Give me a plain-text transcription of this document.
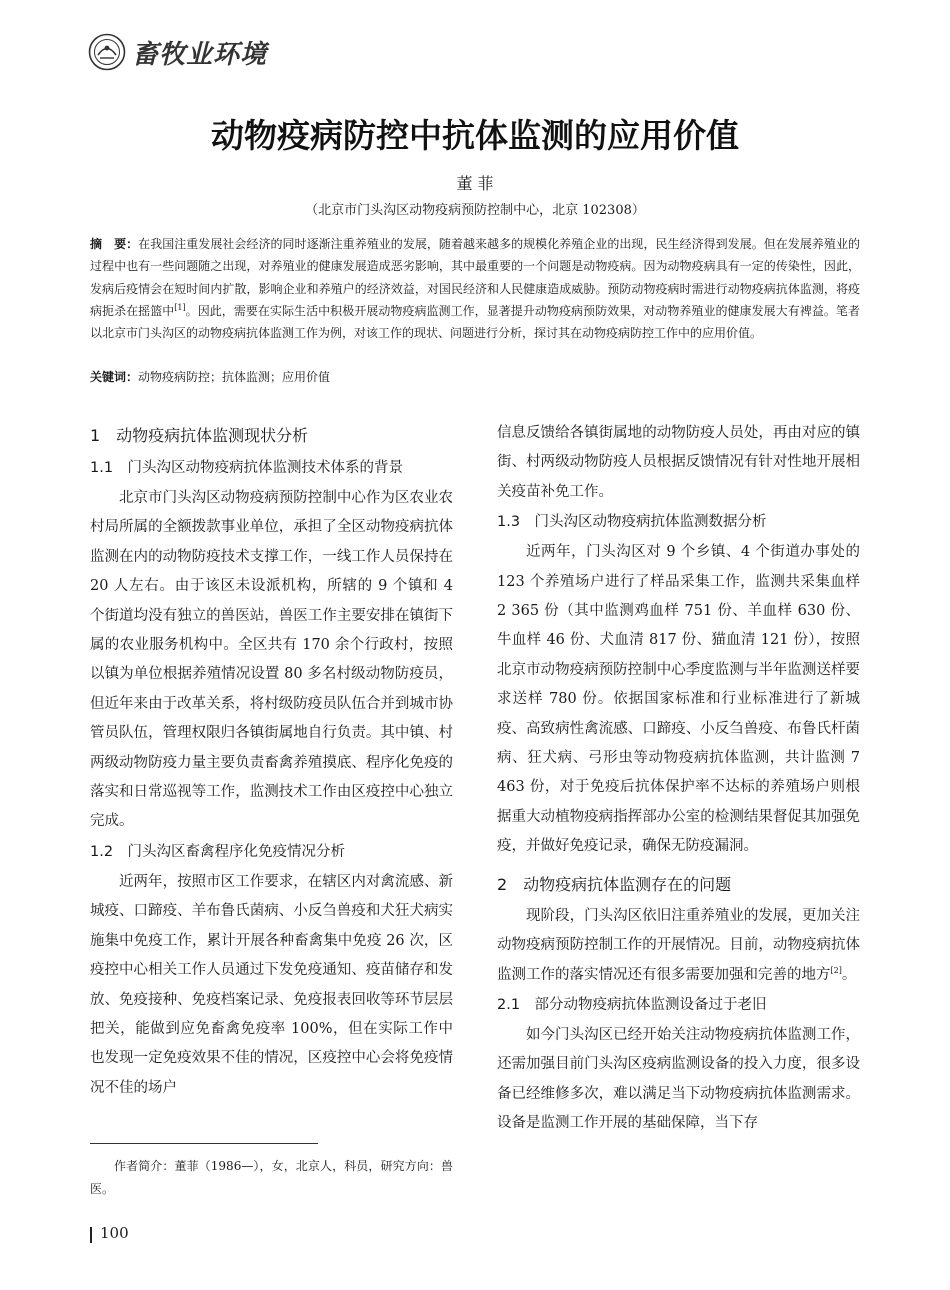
畜牧业环境
动物疫病防控中抗体监测的应用价值
董 菲
（北京市门头沟区动物疫病预防控制中心，北京 102308）
摘　要：在我国注重发展社会经济的同时逐渐注重养殖业的发展，随着越来越多的规模化养殖企业的出现，民生经济得到发展。但在发展养殖业的过程中也有一些问题随之出现，对养殖业的健康发展造成恶劣影响，其中最重要的一个问题是动物疫病。因为动物疫病具有一定的传染性，因此，发病后疫情会在短时间内扩散，影响企业和养殖户的经济效益，对国民经济和人民健康造成威胁。预防动物疫病时需进行动物疫病抗体监测，将疫病扼杀在摇篮中[1]。因此，需要在实际生活中积极开展动物疫病监测工作，显著提升动物疫病预防效果，对动物养殖业的健康发展大有裨益。笔者以北京市门头沟区的动物疫病抗体监测工作为例，对该工作的现状、问题进行分析，探讨其在动物疫病防控工作中的应用价值。
关键词：动物疫病防控；抗体监测；应用价值
1　动物疫病抗体监测现状分析
1.1　门头沟区动物疫病抗体监测技术体系的背景

北京市门头沟区动物疫病预防控制中心作为区农业农村局所属的全额拨款事业单位，承担了全区动物疫病抗体监测在内的动物防疫技术支撑工作，一线工作人员保持在 20 人左右。由于该区未设派机构，所辖的 9 个镇和 4 个街道均没有独立的兽医站，兽医工作主要安排在镇街下属的农业服务机构中。全区共有 170 余个行政村，按照以镇为单位根据养殖情况设置 80 多名村级动物防疫员，但近年来由于改革关系，将村级防疫员队伍合并到城市协管员队伍，管理权限归各镇街属地自行负责。其中镇、村两级动物防疫力量主要负责畜禽养殖摸底、程序化免疫的落实和日常巡视等工作，监测技术工作由区疫控中心独立完成。

1.2　门头沟区畜禽程序化免疫情况分析

近两年，按照市区工作要求，在辖区内对禽流感、新城疫、口蹄疫、羊布鲁氏菌病、小反刍兽疫和犬狂犬病实施集中免疫工作，累计开展各种畜禽集中免疫 26 次，区疫控中心相关工作人员通过下发免疫通知、疫苗储存和发放、免疫接种、免疫档案记录、免疫报表回收等环节层层把关，能做到应免畜禽免疫率 100%，但在实际工作中也发现一定免疫效果不佳的情况，区疫控中心会将免疫情况不佳的场户

信息反馈给各镇街属地的动物防疫人员处，再由对应的镇街、村两级动物防疫人员根据反馈情况有针对性地开展相关疫苗补免工作。

1.3　门头沟区动物疫病抗体监测数据分析

近两年，门头沟区对 9 个乡镇、4 个街道办事处的 123 个养殖场户进行了样品采集工作，监测共采集血样 2 365 份（其中监测鸡血样 751 份、羊血样 630 份、牛血样 46 份、犬血清 817 份、猫血清 121 份），按照北京市动物疫病预防控制中心季度监测与半年监测送样要求送样 780 份。依据国家标准和行业标准进行了新城疫、高致病性禽流感、口蹄疫、小反刍兽疫、布鲁氏杆菌病、狂犬病、弓形虫等动物疫病抗体监测，共计监测 7 463 份，对于免疫后抗体保护率不达标的养殖场户则根据重大动植物疫病指挥部办公室的检测结果督促其加强免疫，并做好免疫记录，确保无防疫漏洞。

2　动物疫病抗体监测存在的问题

现阶段，门头沟区依旧注重养殖业的发展，更加关注动物疫病预防控制工作的开展情况。目前，动物疫病抗体监测工作的落实情况还有很多需要加强和完善的地方[2]。

2.1　部分动物疫病抗体监测设备过于老旧

如今门头沟区已经开始关注动物疫病抗体监测工作，还需加强目前门头沟区疫病监测设备的投入力度，很多设备已经维修多次，难以满足当下动物疫病抗体监测需求。设备是监测工作开展的基础保障，当下存

作者简介：董菲（1986—），女，北京人，科员，研究方向：兽医。
100
